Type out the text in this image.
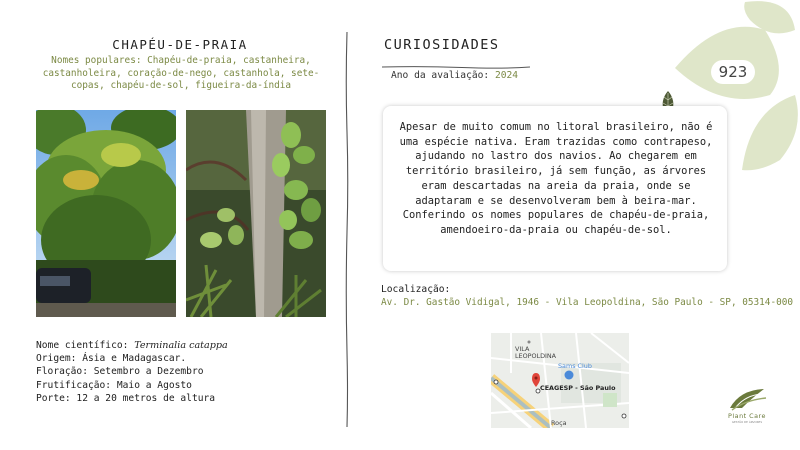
CHAPÉU-DE-PRAIA
Nomes populares: Chapéu-de-praia, castanheira, castanholeira, coração-de-nego, castanhola, sete-copas, chapéu-de-sol, figueira-da-índia
Nome científico: Terminalia catappa
Origem: Ásia e Madagascar.
Floração: Setembro a Dezembro
Frutificação: Maio a Agosto
Porte: 12 a 20 metros de altura
CURIOSIDADES
Ano da avaliação: 2024	923
Apesar de muito comum no litoral brasileiro, não é uma espécie nativa. Eram trazidas como contrapeso, ajudando no lastro dos navios. Ao chegarem em território brasileiro, já sem função, as árvores eram descartadas na areia da praia, onde se adaptaram e se desenvolveram bem à beira-mar. Conferindo os nomes populares de chapéu-de-praia, amendoeiro-da-praia ou chapéu-de-sol.
Localização:
Av. Dr. Gastão Vidigal, 1946 - Vila Leopoldina, São Paulo - SP, 05314-000
VILA
LEOPOLDINA
Sams Club
CEAGESP - São Paulo
Roça
Plant Care
GESTÃO DE ÁRVORES
